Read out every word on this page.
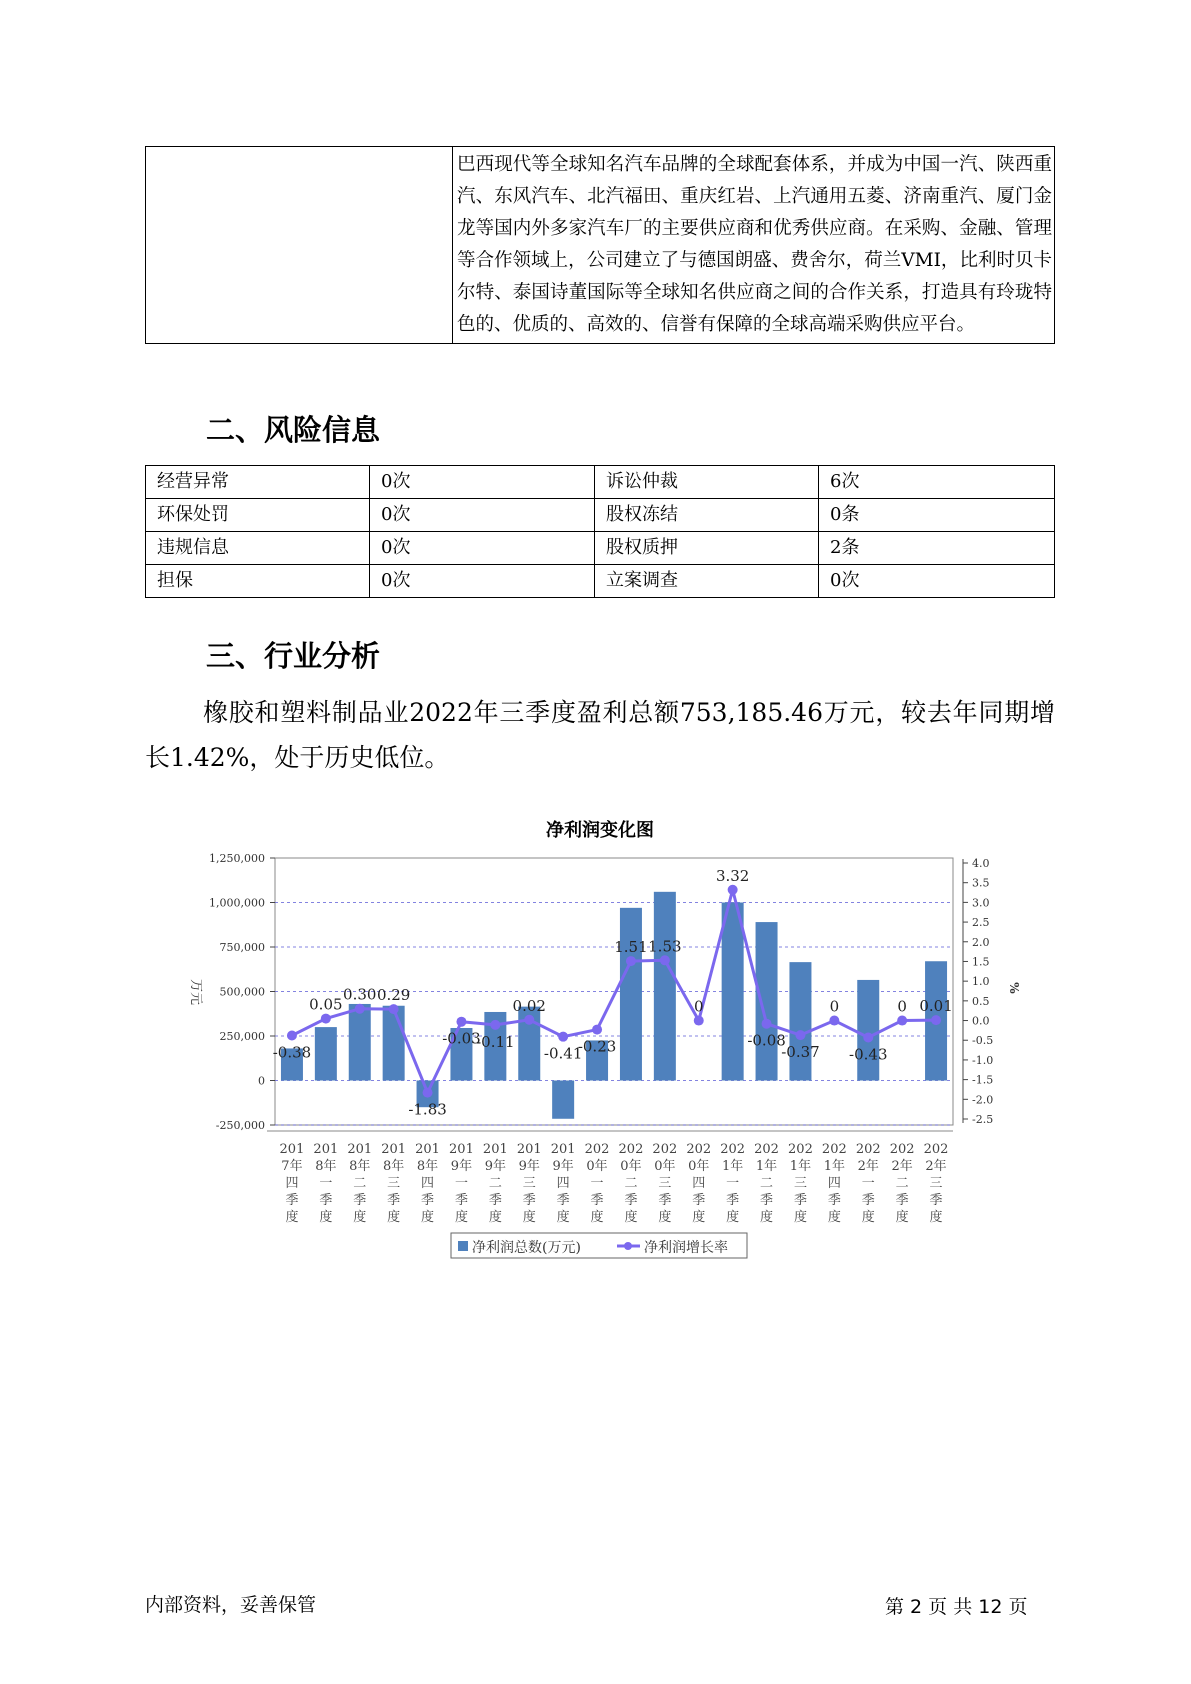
	巴西现代等全球知名汽车品牌的全球配套体系，并成为中国一汽、陕西重汽、东风汽车、北汽福田、重庆红岩、上汽通用五菱、济南重汽、厦门金龙等国内外多家汽车厂的主要供应商和优秀供应商。在采购、金融、管理等合作领域上，公司建立了与德国朗盛、费舍尔，荷兰VMI，比利时贝卡尔特、泰国诗董国际等全球知名供应商之间的合作关系，打造具有玲珑特色的、优质的、高效的、信誉有保障的全球高端采购供应平台。
二、风险信息
经营异常	0次	诉讼仲裁	6次
环保处罚	0次	股权冻结	0条
违规信息	0次	股权质押	2条
担保	0次	立案调查	0次
三、行业分析
橡胶和塑料制品业2022年三季度盈利总额753,185.46万元，较去年同期增长1.42%，处于历史低位。
净利润变化图
1,250,000
1,000,000
750,000
500,000
250,000
0
-250,000
万元
4.0
3.5
3.0
2.5
2.0
1.5
1.0
0.5
0.0
-0.5
-1.0
-1.5
-2.0
-2.5
%
-0.38
0.05
0.30 0.29
-1.83
-0.03
-0.11
0.02
-0.41
-0.23
1.51 1.53
0
3.32
-0.08
-0.37
0
-0.43
0 0.01
201
7年
四
季
度
201
8年
一
季
度
201
8年
二
季
度
201
8年
三
季
度
201
8年
四
季
度
201
9年
一
季
度
201
9年
二
季
度
201
9年
三
季
度
201
9年
四
季
度
202
0年
一
季
度
202
0年
二
季
度
202
0年
三
季
度
202
0年
四
季
度
202
1年
一
季
度
202
1年
二
季
度
202
1年
三
季
度
202
1年
四
季
度
202
2年
一
季
度
202
2年
二
季
度
202
2年
三
季
度
净利润总数(万元)	净利润增长率
内部资料，妥善保管	第 2 页 共 12 页
